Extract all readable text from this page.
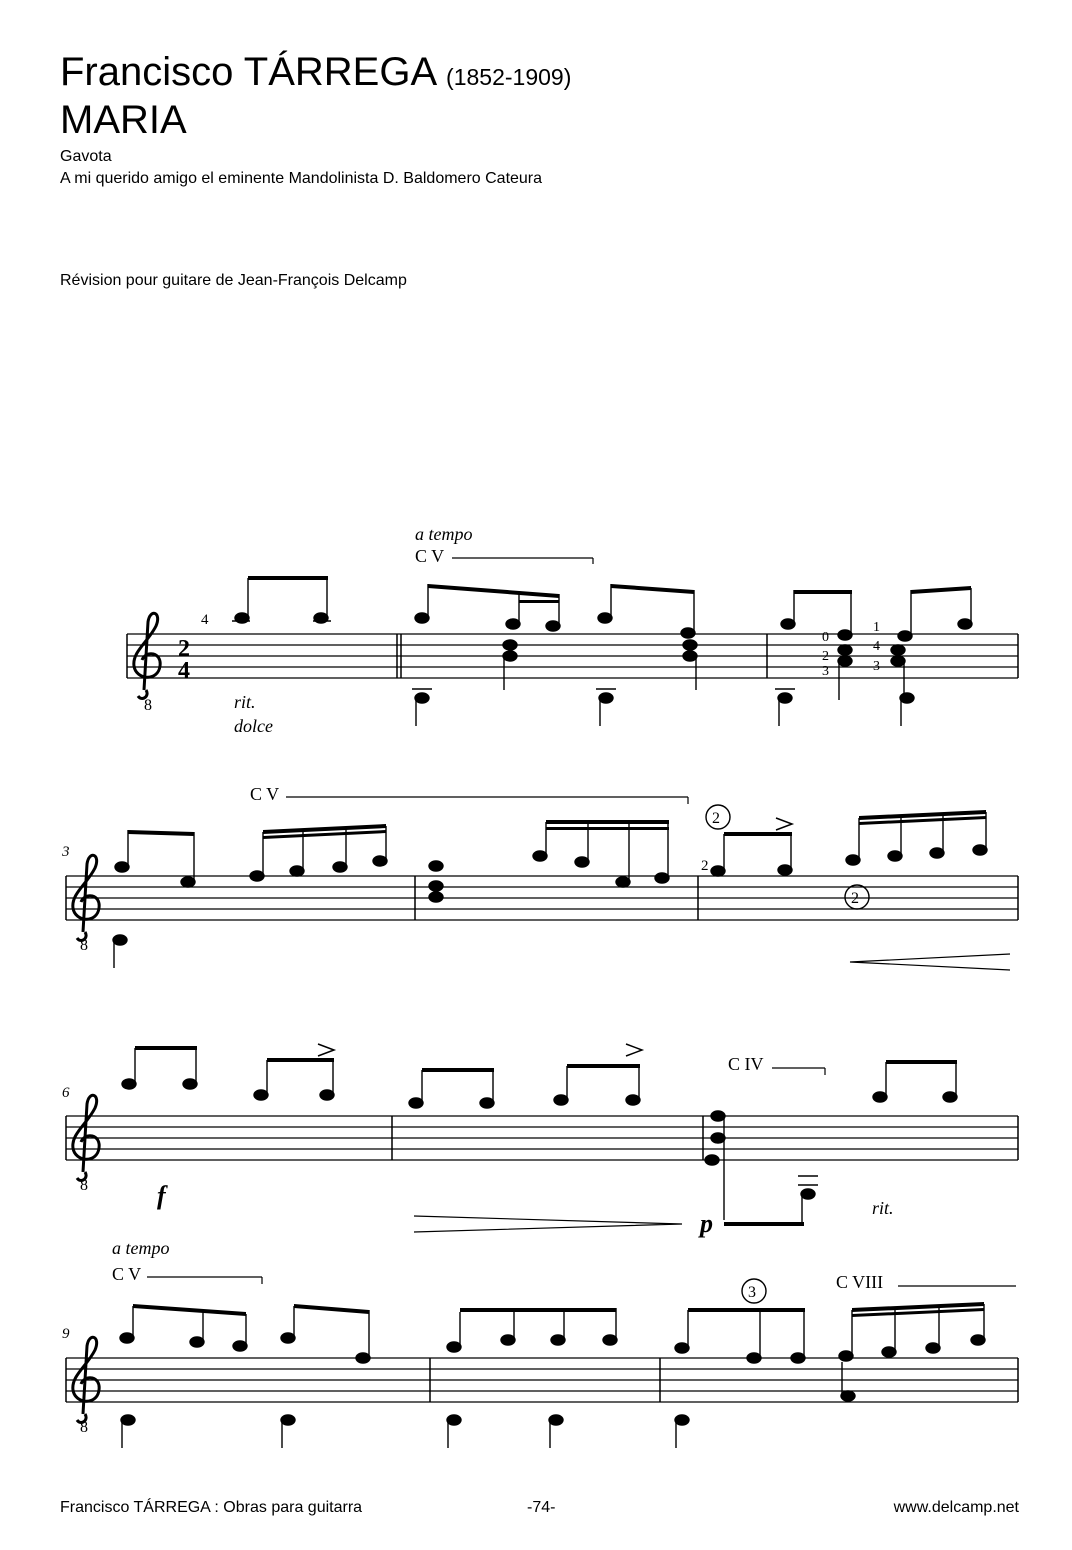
Francisco TÁRREGA (1852-1909)
MARIA
Gavota
A mi querido amigo el eminente Mandolinista D. Baldomero Cateura
Révision pour guitare de Jean-François Delcamp
8
8
8
8
2
4
3
6
9
a tempo
C V
C V
C IV
a tempo
C V	C VIII
rit.
dolce
rit.
f
p
2
2
3
4
0
2
3
1
4
3
2
Francisco TÁRREGA : Obras para guitarra	-74-	www.delcamp.net
